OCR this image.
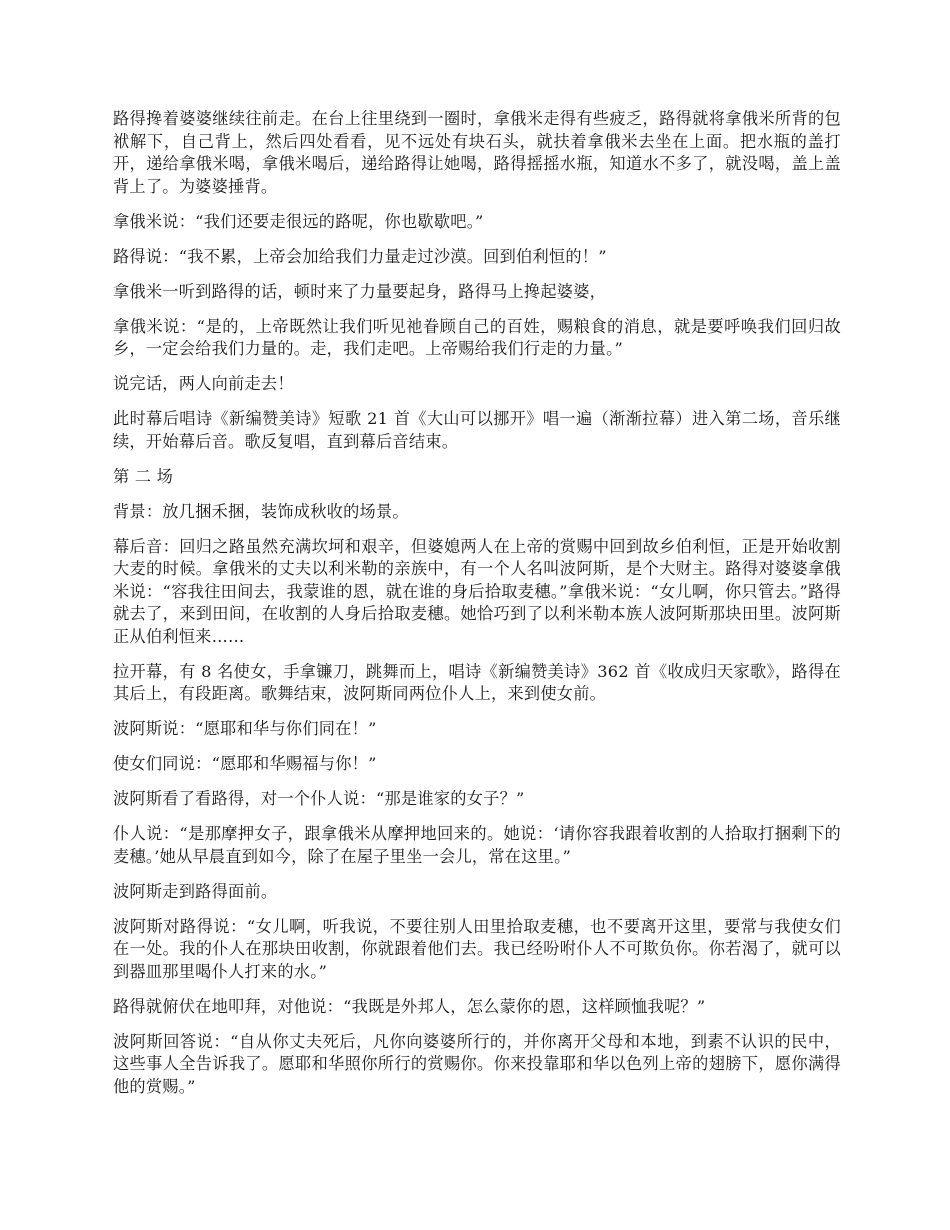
路得搀着婆婆继续往前走。在台上往里绕到一圈时，拿俄米走得有些疲乏，路得就将拿俄米所背的包袱解下，自己背上，然后四处看看，见不远处有块石头，就扶着拿俄米去坐在上面。把水瓶的盖打开，递给拿俄米喝，拿俄米喝后，递给路得让她喝，路得摇摇水瓶，知道水不多了，就没喝，盖上盖背上了。为婆婆捶背。

拿俄米说：“我们还要走很远的路呢，你也歇歇吧。”

路得说：“我不累，上帝会加给我们力量走过沙漠。回到伯利恒的！”

拿俄米一听到路得的话，顿时来了力量要起身，路得马上搀起婆婆，

拿俄米说：“是的，上帝既然让我们听见祂眷顾自己的百姓，赐粮食的消息，就是要呼唤我们回归故乡，一定会给我们力量的。走，我们走吧。上帝赐给我们行走的力量。”

说完话，两人向前走去！

此时幕后唱诗《新编赞美诗》短歌 21 首《大山可以挪开》唱一遍（渐渐拉幕）进入第二场，音乐继续，开始幕后音。歌反复唱，直到幕后音结束。

第 二 场

背景：放几捆禾捆，装饰成秋收的场景。

幕后音：回归之路虽然充满坎坷和艰辛，但婆媳两人在上帝的赏赐中回到故乡伯利恒，正是开始收割大麦的时候。拿俄米的丈夫以利米勒的亲族中，有一个人名叫波阿斯，是个大财主。路得对婆婆拿俄米说：“容我往田间去，我蒙谁的恩，就在谁的身后拾取麦穗。”拿俄米说：“女儿啊，你只管去。”路得就去了，来到田间，在收割的人身后拾取麦穗。她恰巧到了以利米勒本族人波阿斯那块田里。波阿斯正从伯利恒来……

拉开幕，有 8 名使女，手拿镰刀，跳舞而上，唱诗《新编赞美诗》362 首《收成归天家歌》，路得在其后上，有段距离。歌舞结束，波阿斯同两位仆人上，来到使女前。

波阿斯说：“愿耶和华与你们同在！”

使女们同说：“愿耶和华赐福与你！”

波阿斯看了看路得，对一个仆人说：“那是谁家的女子？”

仆人说：“是那摩押女子，跟拿俄米从摩押地回来的。她说：‘请你容我跟着收割的人拾取打捆剩下的麦穗。’她从早晨直到如今，除了在屋子里坐一会儿，常在这里。”

波阿斯走到路得面前。

波阿斯对路得说：“女儿啊，听我说，不要往别人田里拾取麦穗，也不要离开这里，要常与我使女们在一处。我的仆人在那块田收割，你就跟着他们去。我已经吩咐仆人不可欺负你。你若渴了，就可以到器皿那里喝仆人打来的水。”

路得就俯伏在地叩拜，对他说：“我既是外邦人，怎么蒙你的恩，这样顾恤我呢？”

波阿斯回答说：“自从你丈夫死后，凡你向婆婆所行的，并你离开父母和本地，到素不认识的民中，这些事人全告诉我了。愿耶和华照你所行的赏赐你。你来投靠耶和华以色列上帝的翅膀下，愿你满得他的赏赐。”
